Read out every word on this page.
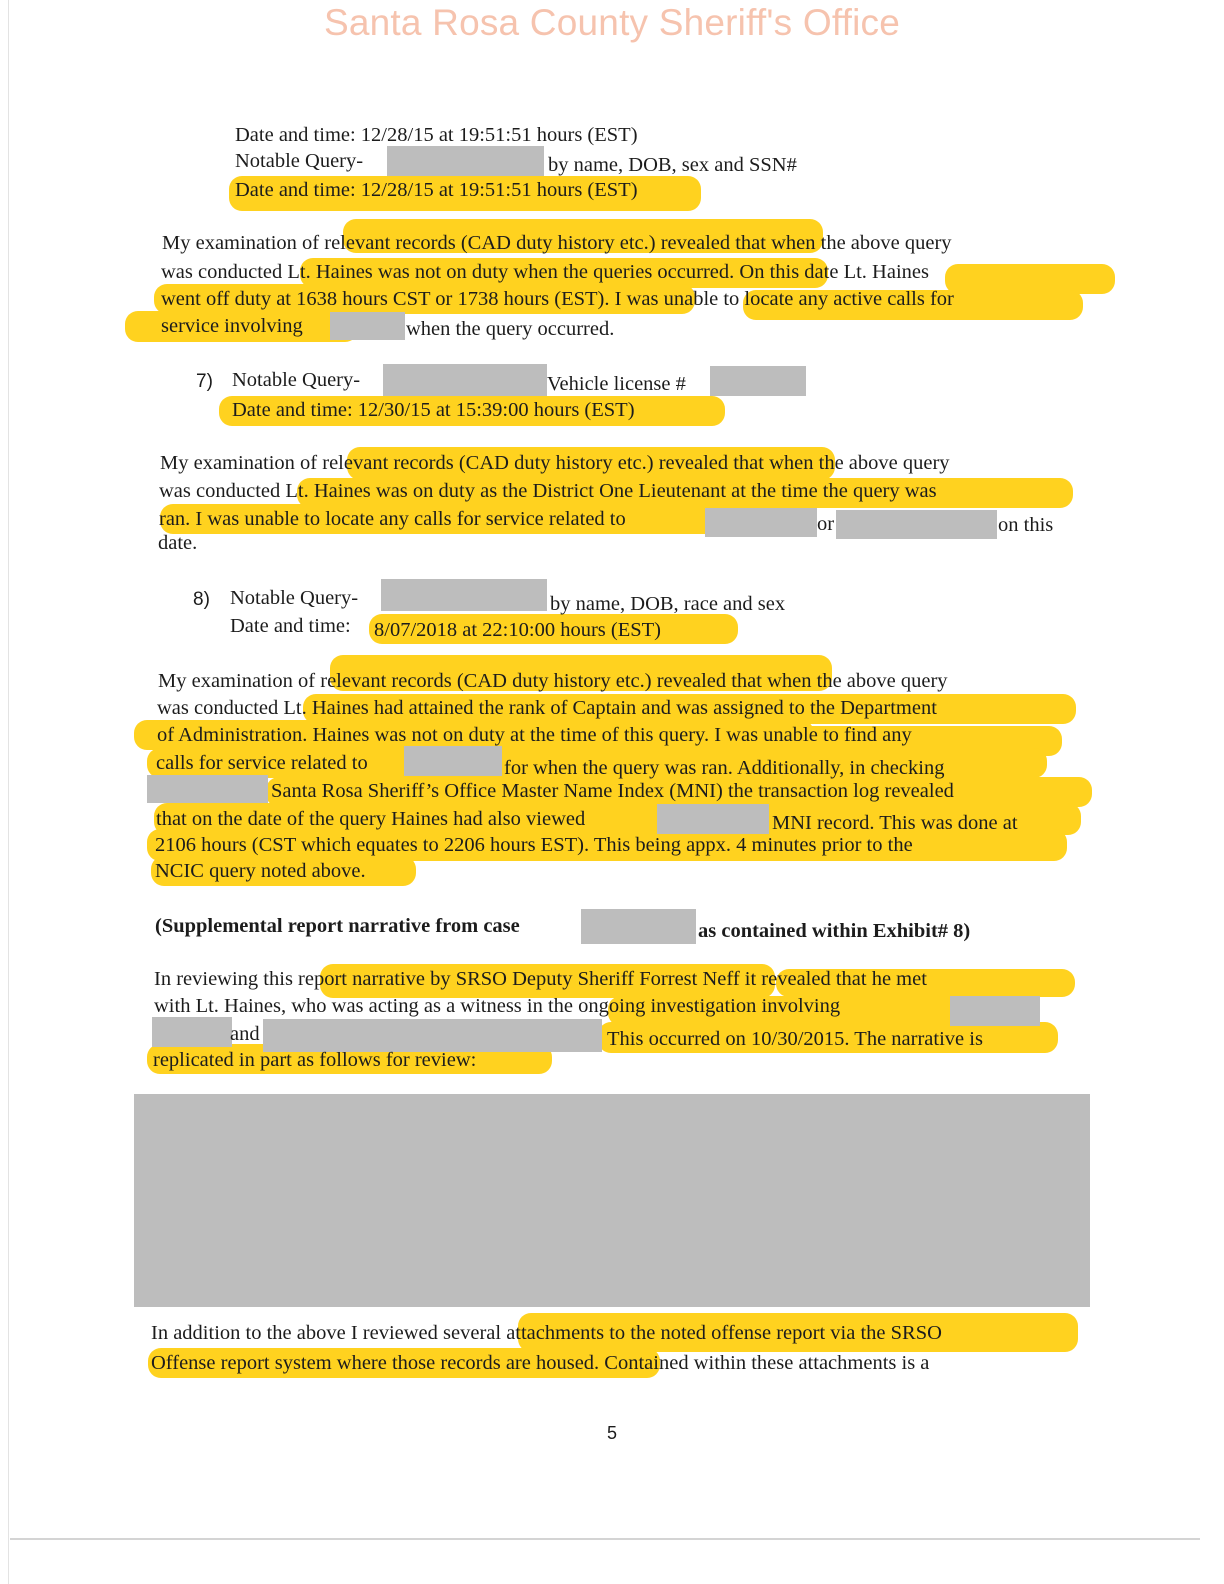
Santa Rosa County Sheriff's Office
Date and time: 12/28/15 at 19:51:51 hours (EST)
Notable Query-	by name, DOB, sex and SSN#
Date and time: 12/28/15 at 19:51:51 hours (EST)
My examination of relevant records (CAD duty history etc.) revealed that when the above query
was conducted Lt. Haines was not on duty when the queries occurred. On this date Lt. Haines
went off duty at 1638 hours CST or 1738 hours (EST). I was unable to locate any active calls for
service involving	when the query occurred.
7) Notable Query-	Vehicle license #
Date and time: 12/30/15 at 15:39:00 hours (EST)
My examination of relevant records (CAD duty history etc.) revealed that when the above query
was conducted Lt. Haines was on duty as the District One Lieutenant at the time the query was
ran. I was unable to locate any calls for service related to	or	on this
date.
8) Notable Query-	by name, DOB, race and sex
Date and time: 8/07/2018 at 22:10:00 hours (EST)
My examination of relevant records (CAD duty history etc.) revealed that when the above query
was conducted Lt. Haines had attained the rank of Captain and was assigned to the Department
of Administration. Haines was not on duty at the time of this query. I was unable to find any
calls for service related to	for when the query was ran. Additionally, in checking
Santa Rosa Sheriff’s Office Master Name Index (MNI) the transaction log revealed
that on the date of the query Haines had also viewed	MNI record. This was done at
2106 hours (CST which equates to 2206 hours EST). This being appx. 4 minutes prior to the
NCIC query noted above.
(Supplemental report narrative from case	as contained within Exhibit# 8)
In reviewing this report narrative by SRSO Deputy Sheriff Forrest Neff it revealed that he met
with Lt. Haines, who was acting as a witness in the ongoing investigation involving
and	This occurred on 10/30/2015. The narrative is
replicated in part as follows for review:
In addition to the above I reviewed several attachments to the noted offense report via the SRSO
Offense report system where those records are housed. Contained within these attachments is a
5
